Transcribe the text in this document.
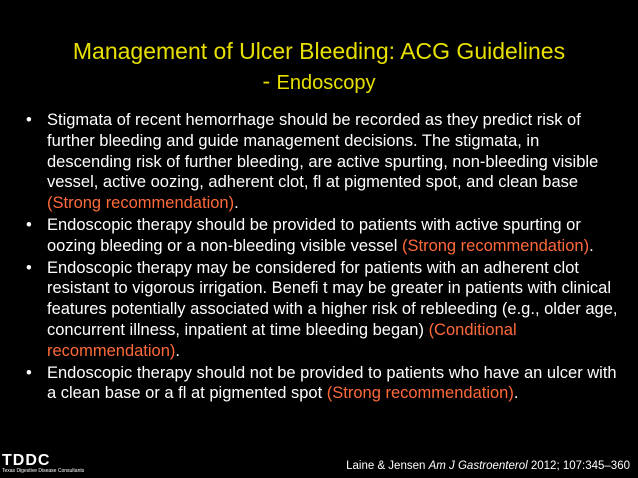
Management of Ulcer Bleeding: ACG Guidelines
- Endoscopy
• Stigmata of recent hemorrhage should be recorded as they predict risk of further bleeding and guide management decisions. The stigmata, in descending risk of further bleeding, are active spurting, non-bleeding visible vessel, active oozing, adherent clot, fl at pigmented spot, and clean base (Strong recommendation).
• Endoscopic therapy should be provided to patients with active spurting or oozing bleeding or a non-bleeding visible vessel (Strong recommendation).
• Endoscopic therapy may be considered for patients with an adherent clot resistant to vigorous irrigation. Benefi t may be greater in patients with clinical features potentially associated with a higher risk of rebleeding (e.g., older age, concurrent illness, inpatient at time bleeding began) (Conditional recommendation).
• Endoscopic therapy should not be provided to patients who have an ulcer with a clean base or a fl at pigmented spot (Strong recommendation).
TDDC
Texas Digestive Disease Consultants	Laine & Jensen Am J Gastroenterol 2012; 107:345–360
